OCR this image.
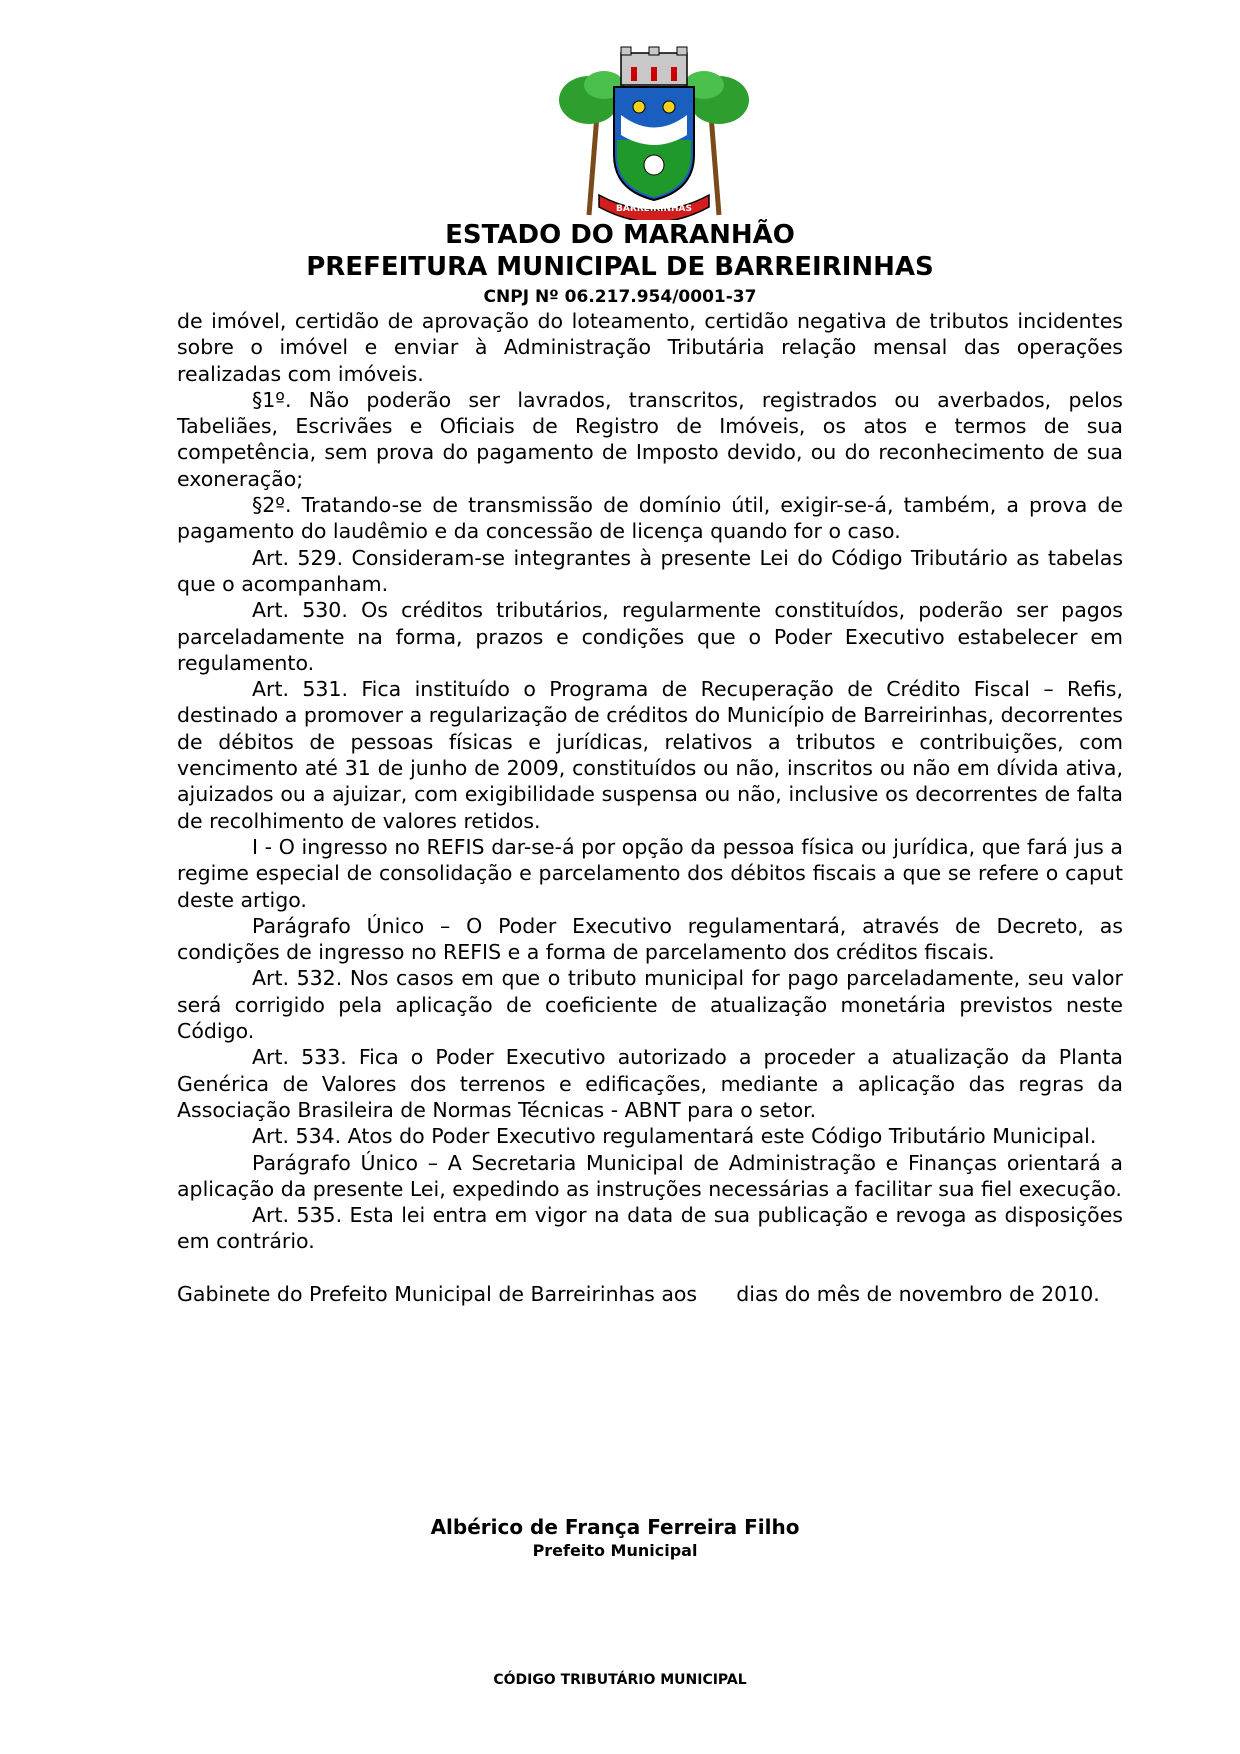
BARREIRINHAS
ESTADO DO MARANHÃO
PREFEITURA MUNICIPAL DE BARREIRINHAS
CNPJ Nº 06.217.954/0001-37

de imóvel, certidão de aprovação do loteamento, certidão negativa de tributos incidentes sobre o imóvel e enviar à Administração Tributária relação mensal das operações realizadas com imóveis.

§1º. Não poderão ser lavrados, transcritos, registrados ou averbados, pelos Tabeliães, Escrivães e Oficiais de Registro de Imóveis, os atos e termos de sua competência, sem prova do pagamento de Imposto devido, ou do reconhecimento de sua exoneração;

§2º. Tratando-se de transmissão de domínio útil, exigir-se-á, também, a prova de pagamento do laudêmio e da concessão de licença quando for o caso.

Art. 529. Consideram-se integrantes à presente Lei do Código Tributário as tabelas que o acompanham.

Art. 530. Os créditos tributários, regularmente constituídos, poderão ser pagos parceladamente na forma, prazos e condições que o Poder Executivo estabelecer em regulamento.

Art. 531. Fica instituído o Programa de Recuperação de Crédito Fiscal – Refis, destinado a promover a regularização de créditos do Município de Barreirinhas, decorrentes de débitos de pessoas físicas e jurídicas, relativos a tributos e contribuições, com vencimento até 31 de junho de 2009, constituídos ou não, inscritos ou não em dívida ativa, ajuizados ou a ajuizar, com exigibilidade suspensa ou não, inclusive os decorrentes de falta de recolhimento de valores retidos.

I - O ingresso no REFIS dar-se-á por opção da pessoa física ou jurídica, que fará jus a regime especial de consolidação e parcelamento dos débitos fiscais a que se refere o caput deste artigo.

Parágrafo Único – O Poder Executivo regulamentará, através de Decreto, as condições de ingresso no REFIS e a forma de parcelamento dos créditos fiscais.

Art. 532. Nos casos em que o tributo municipal for pago parceladamente, seu valor será corrigido pela aplicação de coeficiente de atualização monetária previstos neste Código.

Art. 533. Fica o Poder Executivo autorizado a proceder a atualização da Planta Genérica de Valores dos terrenos e edificações, mediante a aplicação das regras da Associação Brasileira de Normas Técnicas - ABNT para o setor.

Art. 534. Atos do Poder Executivo regulamentará este Código Tributário Municipal.

Parágrafo Único – A Secretaria Municipal de Administração e Finanças orientará a aplicação da presente Lei, expedindo as instruções necessárias a facilitar sua fiel execução.

Art. 535. Esta lei entra em vigor na data de sua publicação e revoga as disposições em contrário.

Gabinete do Prefeito Municipal de Barreirinhas aos      dias do mês de novembro de 2010.

Albérico de França Ferreira Filho
Prefeito Municipal
CÓDIGO TRIBUTÁRIO MUNICIPAL
